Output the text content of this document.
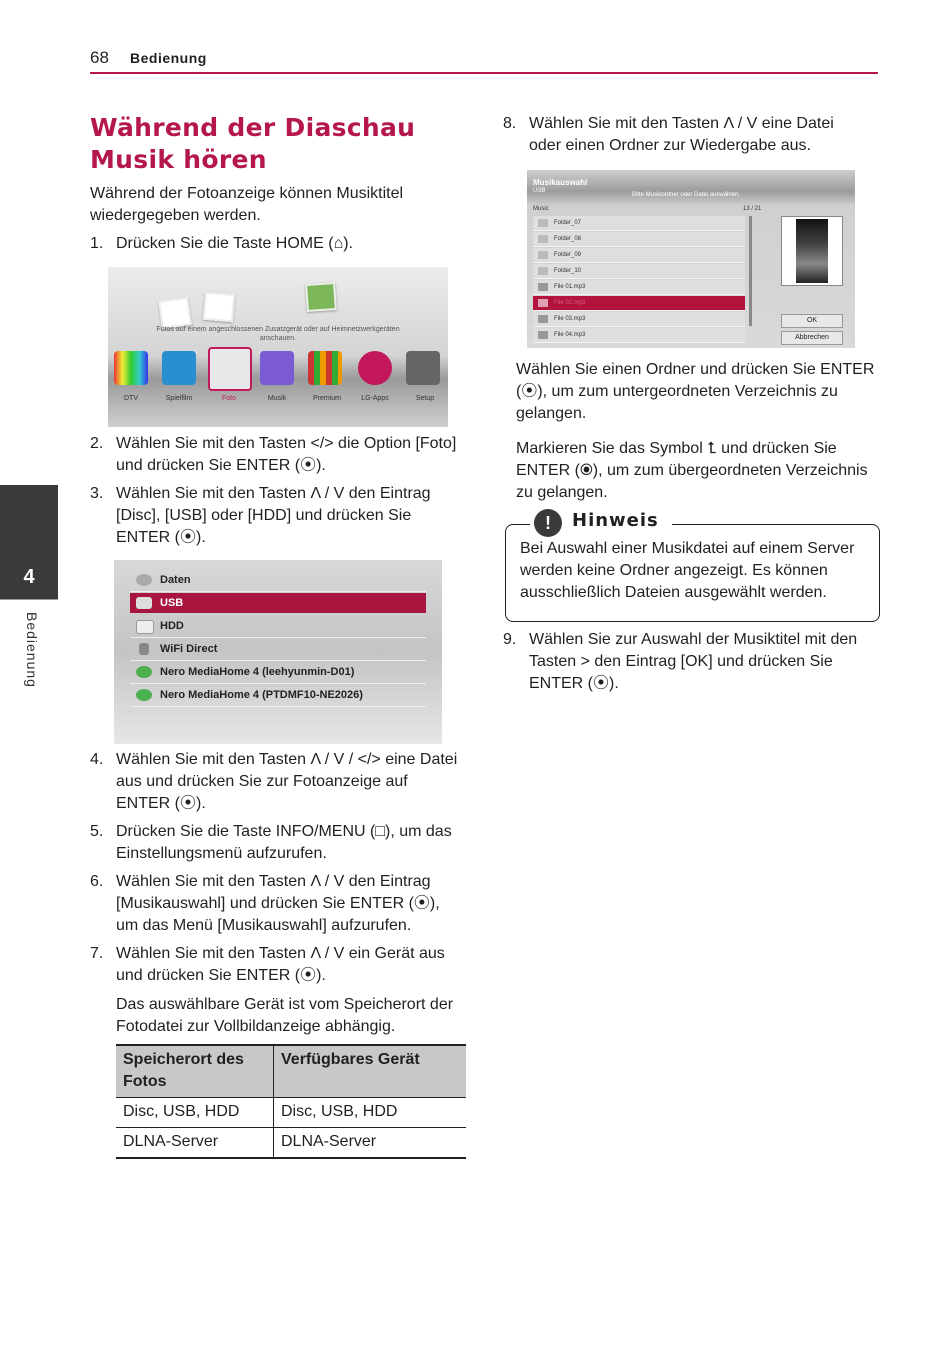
68 Bedienung
4
Bedienung
Während der Diaschau Musik hören
Während der Fotoanzeige können Musiktitel wiedergegeben werden.
1. Drücken Sie die Taste HOME (⌂).
Fotos auf einem angeschlossenen Zusatzgerät oder auf Heimnetzwerkgeräten anschauen.
DTV	Spielfilm	Foto	Musik	Premium	LG-Apps	Setup
2. Wählen Sie mit den Tasten </> die Option [Foto] und drücken Sie ENTER (⦿).
3. Wählen Sie mit den Tasten Λ / V den Eintrag [Disc], [USB] oder [HDD] und drücken Sie ENTER (⦿).
Daten
USB
HDD
WiFi Direct
Nero MediaHome 4 (leehyunmin-D01)
Nero MediaHome 4 (PTDMF10-NE2026)
4. Wählen Sie mit den Tasten Λ / V / </> eine Datei aus und drücken Sie zur Fotoanzeige auf ENTER (⦿).
5. Drücken Sie die Taste INFO/MENU (□), um das Einstellungsmenü aufzurufen.
6. Wählen Sie mit den Tasten Λ / V den Eintrag [Musikauswahl] und drücken Sie ENTER (⦿), um das Menü [Musikauswahl] aufzurufen.
7. Wählen Sie mit den Tasten Λ / V ein Gerät aus und drücken Sie ENTER (⦿).
Das auswählbare Gerät ist vom Speicherort der Fotodatei zur Vollbildanzeige abhängig.
Speicherort des Fotos	Verfügbares Gerät
Disc, USB, HDD	Disc, USB, HDD
DLNA-Server	DLNA-Server
8. Wählen Sie mit den Tasten Λ / V eine Datei oder einen Ordner zur Wiedergabe aus.
Musikauswahl
USB
Bitte Musikordner oder Datei auswählen.
Music	13 / 21
Folder_07
Folder_08
Folder_09
Folder_10
File 01.mp3
File 02.mp3
File 03.mp3
File 04.mp3
OK
Abbrechen
Wählen Sie einen Ordner und drücken Sie ENTER (⦿), um zum untergeordneten Verzeichnis zu gelangen.
Markieren Sie das Symbol ⮤ und drücken Sie ENTER (⦿), um zum übergeordneten Verzeichnis zu gelangen.
!	Hinweis
Bei Auswahl einer Musikdatei auf einem Server werden keine Ordner angezeigt. Es können ausschließlich Dateien ausgewählt werden.
9. Wählen Sie zur Auswahl der Musiktitel mit den Tasten > den Eintrag [OK] und drücken Sie ENTER (⦿).
